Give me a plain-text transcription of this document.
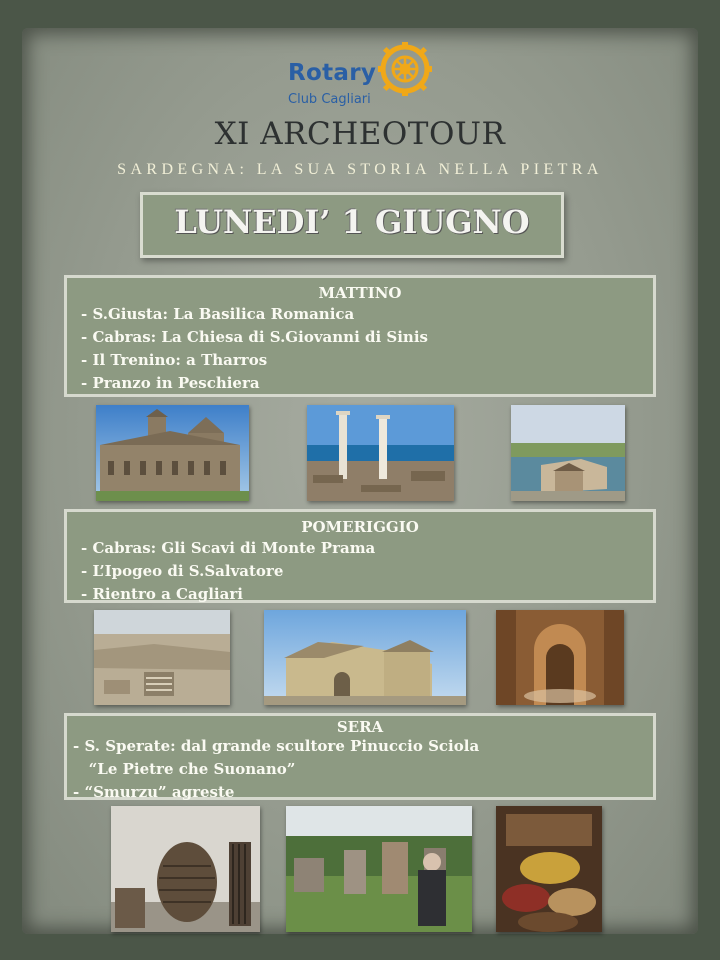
Rotary
Club Cagliari
XI ARCHEOTOUR
SARDEGNA: LA SUA STORIA NELLA PIETRA
LUNEDI’ 1 GIUGNO
MATTINO
- S.Giusta: La Basilica Romanica
- Cabras: La Chiesa di S.Giovanni di Sinis
- Il Trenino: a Tharros
- Pranzo in Peschiera
POMERIGGIO
- Cabras: Gli Scavi di Monte Prama
- L’Ipogeo di S.Salvatore
- Rientro a Cagliari
SERA
- S. Sperate: dal grande scultore Pinuccio Sciola
“Le Pietre che Suonano”
- “Smurzu” agreste
